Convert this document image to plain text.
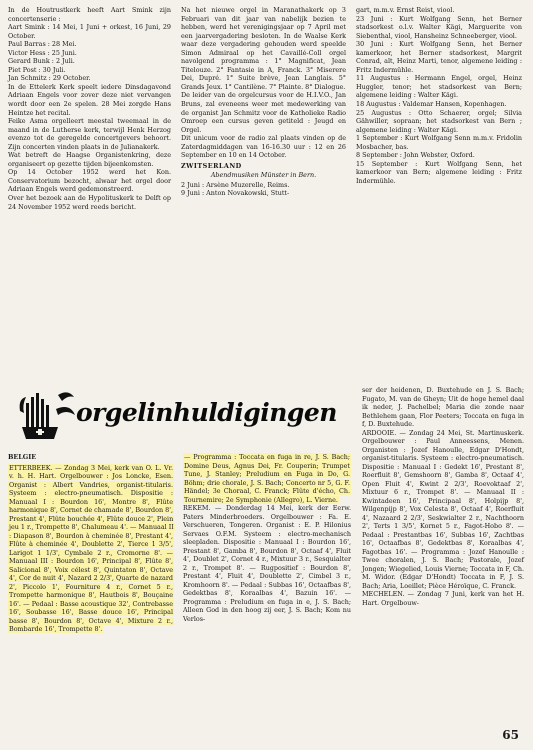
In de Houtrustkerk heeft Aart Smink zijn concertenserie :
Aart Smink : 14 Mei, 1 Juni + orkest, 16 Juni, 29 October.
Paul Barras : 28 Mei.
Victor Hess : 25 Juni.
Gerard Bunk : 2 Juli.
Piet Post : 30 Juli.
Jan Schmitz : 29 October.
In de Ettelerk Kerk speelt iedere Dinsdagavond Adriaan Engels voor zover deze niet vervangen wordt door een 2e spelen. 28 Mei zorgde Hans Heintze het recital.
Feike Asma orgelleert meestal tweemaal in de maand in de Lutherse kerk, terwijl Henk Herzog evenzo tot de geregelde concertgevers behoort. Zijn concerten vinden plaats in de Julianakerk.
Wat betreft de Haagse Organistenkring, deze organiseert op gezette tijden bijeenkomsten.
Op 14 October 1952 werd het Kon. Conservatorium bezocht, alwaar het orgel door Adriaan Engels werd gedemonstreerd.
Over het bezoek aan de Hypolituskerk te Delft op 24 November 1952 werd reeds bericht.

Na het nieuwe orgel in Maranathakerk op 3 Februari van dit jaar van nabelijk bezien te hebben, werd het verenigingsjaar op 7 April met een jaarvergadering besloten. In de Waalse Kerk waar deze vergadering gehouden werd speelde Simon Admiraal op het Cavaillé-Coll orgel navolgend programma : 1° Magnificat, Jean Titelouze. 2° Fantasie in A, Franck. 3° Miserere Dei, Dupré. 1° Suite brève, Jean Langlais. 5° Grands Jeux. 1° Cantilène. 7° Plainte. 8° Dialogue.
De leider van de orgelcursus voor de H.I.V.O., Jan Bruns, zal eveneens weer met medewerking van de organist Jan Schmitz voor de Katholieke Radio Omroep een cursus geven getiteld : Jeugd en Orgel.
Dit unicum voor de radio zal plaats vinden op de Zaterdagmiddagen van 16-16.30 uur : 12 en 26 September en 10 en 14 October.

ZWITSERLAND
Abendmusiken Münster in Bern.

2 Juni : Arsène Muzerelle, Reims.
9 Juni : Anton Novakowski, Stutt-

gart, m.m.v. Ernst Reist, viool.
23 Juni : Kurt Wolfgang Senn, het Berner stadsorkest o.l.v. Walter Kägi, Marguerite von Siebenthal, viool, Hansheinz Schneeberger, viool.
30 Juni : Kurt Wolfgang Senn, het Berner kamerkoor, het Berner stadsorkest, Margrit Conrad, alt, Heinz Marti, tenor, algemene leiding : Fritz Indermühle.
11 Augustus : Hermann Engel, orgel, Heinz Huggler, tenor; het stadsorkest van Bern; algemene leiding : Walter Kägi.
18 Augustus : Valdemar Hansen, Kopenhagen.
25 Augustus : Otto Schaerer, orgel; Silvia Gähwiller, sopraan; het stadsorkest van Bern ; algemene leiding : Walter Kägi.
1 September : Kurt Wolfgang Senn m.m.v. Fridolin Mosbacher, bas.
8 September : John Webster, Oxford.
15 September : Kurt Wolfgang Senn, het kamerkoor van Bern; algemene leiding : Fritz Indermühle.

orgelinhuldigingen
BELGIE

ETTERBEEK. — Zondag 3 Mei, kerk van O. L. Vr. v. h. H. Hart. Orgelbouwer : Jos Loncke, Esen. Organist : Albert Vandries, organist-titularis. Systeem : electro-pneumatisch. Dispositie : Manuaal I : Bourdon 16', Montre 8', Flûte harmonique 8', Cornet de chamade 8', Bourdon 8', Prestant 4', Flûte bouchée 4', Flûte douce 2', Plein jeu 1 r., Trompette 8', Chalumeau 4'. — Manuaal II : Diapason 8', Bourdon à cheminée 8', Prestant 4', Flûte à cheminée 4', Doublette 2', Tierce 1 3/5', Larigot 1 1/3', Cymbale 2 r., Cromorne 8'. — Manuaal III : Bourdon 16', Principal 8', Flûte 8', Salicional 8', Voix célest 8', Quintaton 8', Octave 4', Cor de nuit 4', Nazard 2 2/3', Quarte de nazard 2', Piccolo 1', Fourniture 4 r., Cornet 5 r., Trompette harmonique 8', Hautbois 8', Bouçaine 16'. — Pedaal : Basse acoustique 32', Contrebasse 16', Soubasse 16', Basse douce 16', Principal basse 8', Bourdon 8', Octave 4', Mixture 2 r., Bombarde 16', Trompette 8'.

— Programma : Toccata en fuga in re, J. S. Bach; Domine Deus, Agnus Dei, Fr. Couperin; Trumpet Tune, J. Stanley; Preludium en Fuga in Do, G. Böhm; drie chorale, J. S. Bach; Concerto nr 5, G. F. Händel; 3e Choraal, C. Franck; Flûte d'écho, Ch. Tournemire; 2e Symphonie (Allegro), L. Vierne.

REKEM. — Donderdag 14 Mei, kerk der Eerw. Paters Minderbroeders. Orgelbouwer : Fa. E. Verschueren, Tongeren. Organist : E. P. Hilonius Servaes O.F.M. Systeem : electro-mechanisch sleepladen. Dispositie : Manuaal I : Bourdon 16', Prestant 8', Gamba 8', Bourdon 8', Octaaf 4', Fluit 4', Doublet 2', Cornet 4 r., Mixtuur 3 r., Sesquialter 2 r., Trompet 8'. — Rugpositief : Bourdon 8', Prestant 4', Fluit 4', Doublette 2', Cimbel 3 r., Kromhoorn 8'. — Pedaal : Subbas 16', Octaafbas 8', Gedektbas 8', Koraalbas 4', Bazuin 16'. — Programma : Preludium en fuga in e, J. S. Bach; Alleen God in den hoog zij eer, J. S. Bach; Kom nu Verlos-

ser der heidenen, D. Buxtehude en J. S. Bach; Fugato, M. van de Gheyn; Uit de hoge hemel daal ik neder, J. Pachelbel; Maria die zonde naar Bethlehem gaan, Flor Peeters; Toccata en fuga in f, D. Buxtehude.
ARDOOIE. — Zondag 24 Mei, St. Martinuskerk. Orgelbouwer : Paul Anneessens, Menen. Organisten : Jozef Hanoulle, Edgar D'Hondt, organist-titularis. Systeem : electro-pneumatisch. Dispositie : Manuaal I : Gedekt 16', Prestant 8', Roerfluit 8', Gemshoorn 8', Gamba 8', Octaaf 4', Open Fluit 4', Kwint 2 2/3', Roevoktaaf 2', Mixtuur 6 r., Trompet 8'. — Manuaal II : Kwintadeen 16', Principaal 8', Holpijp 8', Wilgenpijp 8', Vox Celesta 8', Octaaf 4', Roerfluit 4', Nazaard 2 2/3', Seskwialter 2 r., Nachthoorn 2', Terts 1 3/5', Kornet 5 r., Fagot-Hobo 8'. — Pedaal : Prestantbas 16', Subbas 16', Zachtbas 16', Octaafbas 8', Gedektbas 8', Koraalbas 4', Fagotbas 16'. — Programma : Jozef Hanoulle : Twee choralen, J. S. Bach; Pastorale, Jozef Jongen; Wiegelied, Louis Vierne; Toccata in F, Ch. M. Widor. (Edgar D'Hondt) Toccata in F, J. S. Bach; Aria, Loeillet; Pièce Héroïque, C. Franck.
MECHELEN. — Zondag 7 Juni, kerk van het H. Hart. Orgelbouw-

65
